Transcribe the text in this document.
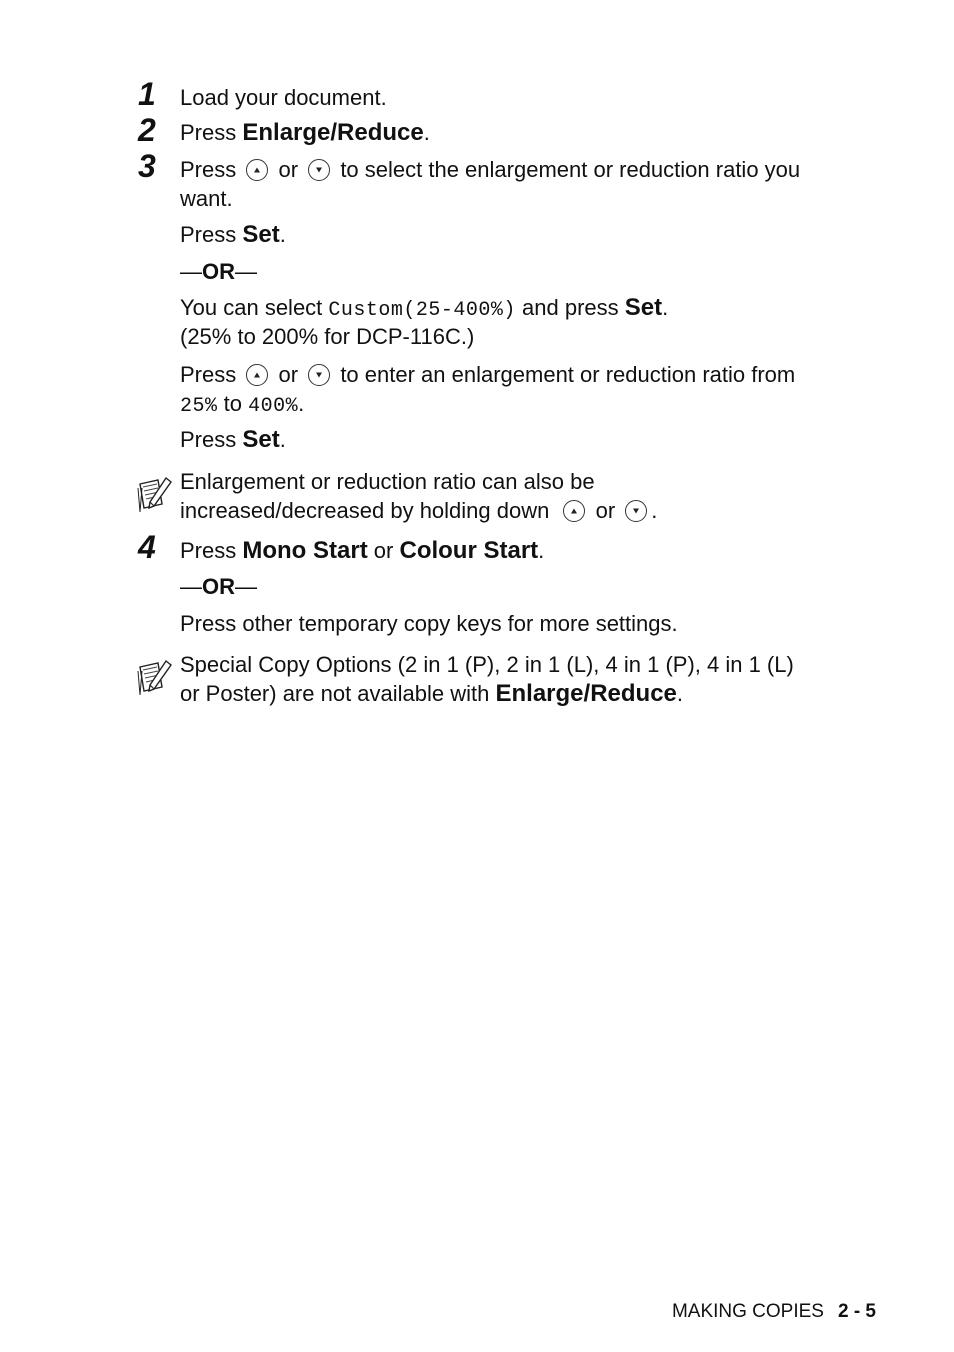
1 Load your document.
2 Press Enlarge/Reduce.
3 Press or to select the enlargement or reduction ratio you
want.
Press Set.
—OR—
You can select Custom(25-400%) and press Set.
(25% to 200% for DCP-116C.)
Press or to enter an enlargement or reduction ratio from
25% to 400%.
Press Set.
Enlargement or reduction ratio can also be
increased/decreased by holding down or .
4 Press Mono Start or Colour Start.
—OR—
Press other temporary copy keys for more settings.
Special Copy Options (2 in 1 (P), 2 in 1 (L), 4 in 1 (P), 4 in 1 (L)
or Poster) are not available with Enlarge/Reduce.
MAKING COPIES 2 - 5
